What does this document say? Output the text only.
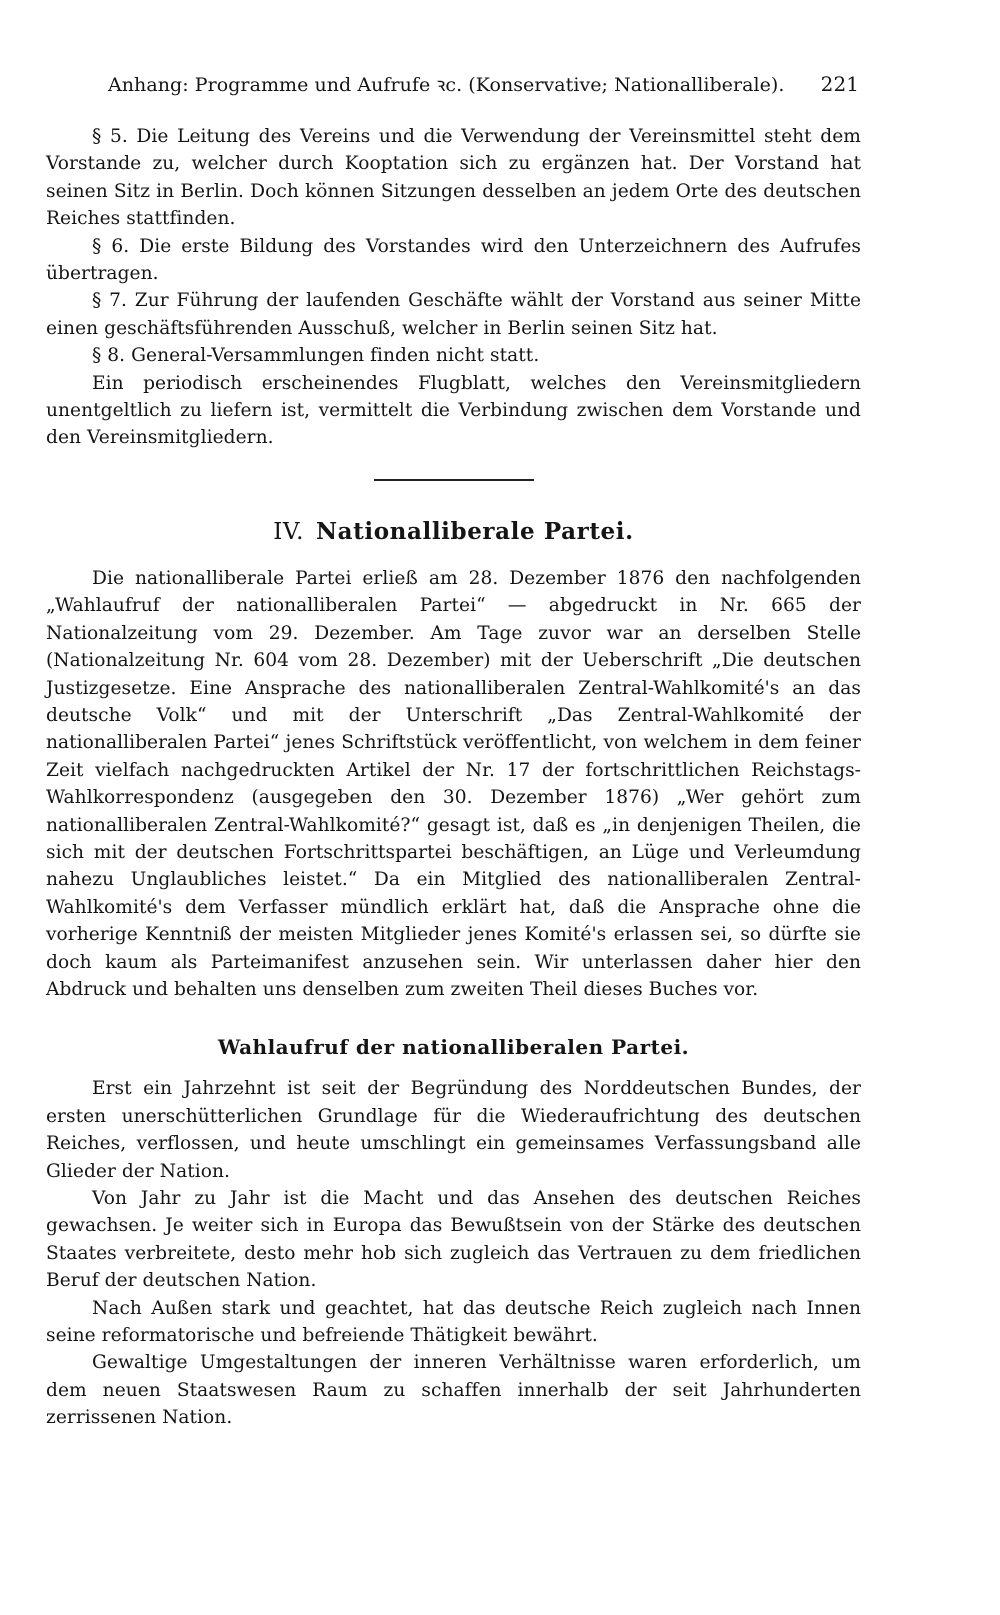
Anhang: Programme und Aufrufe ꝛc. (Konservative; Nationalliberale). 221

§ 5. Die Leitung des Vereins und die Verwendung der Vereinsmittel steht dem Vorstande zu, welcher durch Kooptation sich zu ergänzen hat. Der Vorstand hat seinen Sitz in Berlin. Doch können Sitzungen desselben an jedem Orte des deutschen Reiches stattfinden.

§ 6. Die erste Bildung des Vorstandes wird den Unterzeichnern des Aufrufes übertragen.

§ 7. Zur Führung der laufenden Geschäfte wählt der Vorstand aus seiner Mitte einen geschäftsführenden Ausschuß, welcher in Berlin seinen Sitz hat.

§ 8. General-Versammlungen finden nicht statt.

Ein periodisch erscheinendes Flugblatt, welches den Vereinsmitgliedern unentgeltlich zu liefern ist, vermittelt die Verbindung zwischen dem Vorstande und den Vereinsmitgliedern.

IV. Nationalliberale Partei.

Die nationalliberale Partei erließ am 28. Dezember 1876 den nachfolgenden „Wahlaufruf der nationalliberalen Partei“ — abgedruckt in Nr. 665 der Nationalzeitung vom 29. Dezember. Am Tage zuvor war an derselben Stelle (Nationalzeitung Nr. 604 vom 28. Dezember) mit der Ueberschrift „Die deutschen Justizgesetze. Eine Ansprache des nationalliberalen Zentral-Wahlkomité's an das deutsche Volk“ und mit der Unterschrift „Das Zentral-Wahlkomité der nationalliberalen Partei“ jenes Schriftstück veröffentlicht, von welchem in dem feiner Zeit vielfach nachgedruckten Artikel der Nr. 17 der fortschrittlichen Reichstags-Wahlkorrespondenz (ausgegeben den 30. Dezember 1876) „Wer gehört zum nationalliberalen Zentral-Wahlkomité?“ gesagt ist, daß es „in denjenigen Theilen, die sich mit der deutschen Fortschrittspartei beschäftigen, an Lüge und Verleumdung nahezu Unglaubliches leistet.“ Da ein Mitglied des nationalliberalen Zentral-Wahlkomité's dem Verfasser mündlich erklärt hat, daß die Ansprache ohne die vorherige Kenntniß der meisten Mitglieder jenes Komité's erlassen sei, so dürfte sie doch kaum als Parteimanifest anzusehen sein. Wir unterlassen daher hier den Abdruck und behalten uns denselben zum zweiten Theil dieses Buches vor.

Wahlaufruf der nationalliberalen Partei.

Erst ein Jahrzehnt ist seit der Begründung des Norddeutschen Bundes, der ersten unerschütterlichen Grundlage für die Wiederaufrichtung des deutschen Reiches, verflossen, und heute umschlingt ein gemeinsames Verfassungsband alle Glieder der Nation.

Von Jahr zu Jahr ist die Macht und das Ansehen des deutschen Reiches gewachsen. Je weiter sich in Europa das Bewußtsein von der Stärke des deutschen Staates verbreitete, desto mehr hob sich zugleich das Vertrauen zu dem friedlichen Beruf der deutschen Nation.

Nach Außen stark und geachtet, hat das deutsche Reich zugleich nach Innen seine reformatorische und befreiende Thätigkeit bewährt.

Gewaltige Umgestaltungen der inneren Verhältnisse waren erforderlich, um dem neuen Staatswesen Raum zu schaffen innerhalb der seit Jahrhunderten zerrissenen Nation.
